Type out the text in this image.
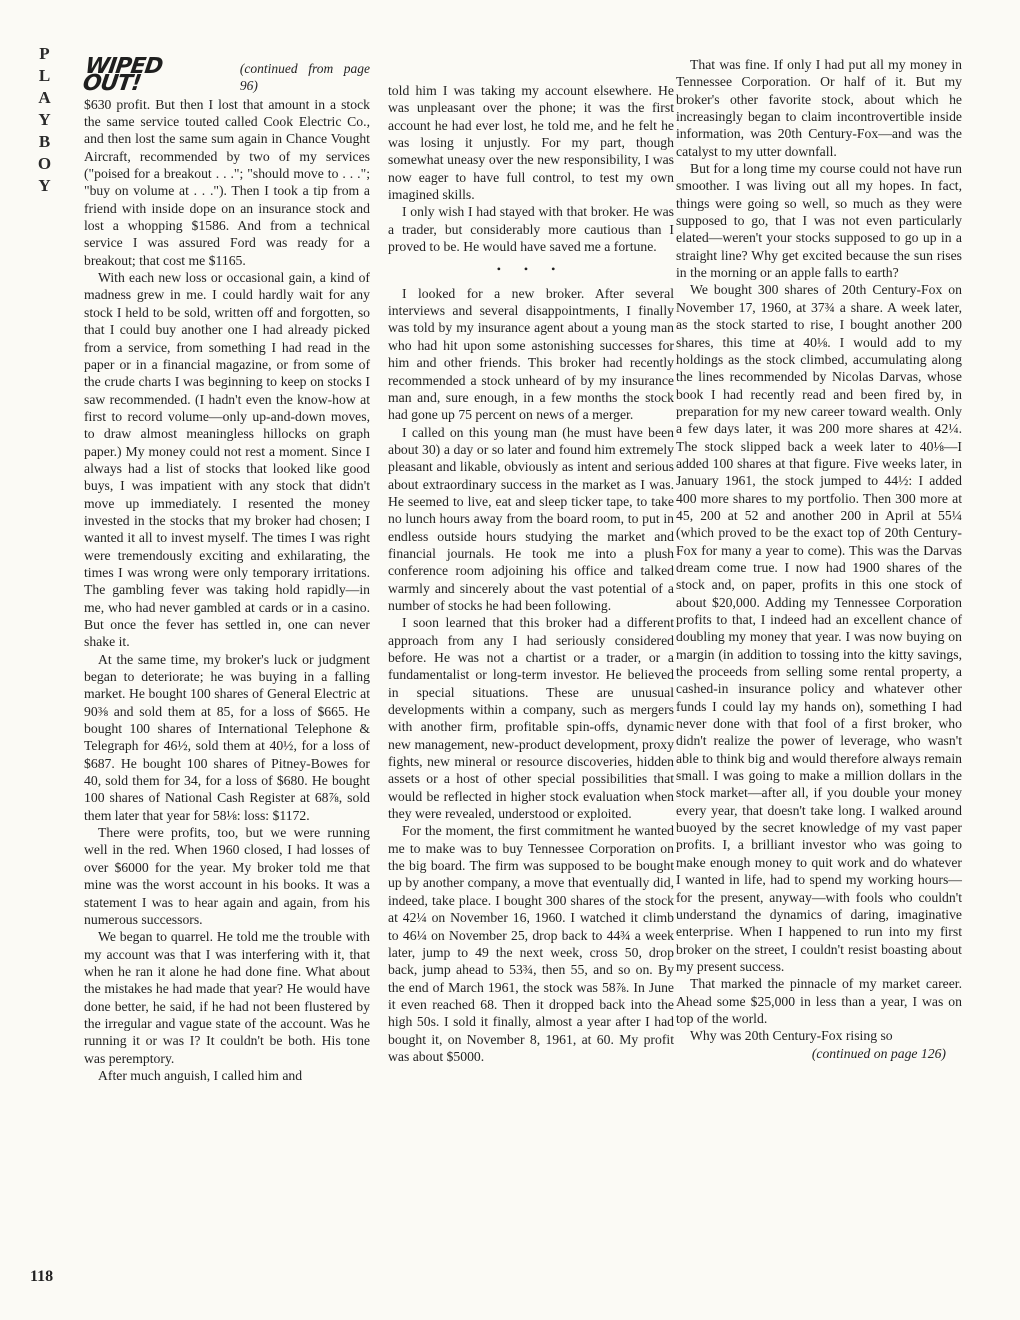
PLAYBOY WIPED OUT!
(continued from page 96)

$630 profit. But then I lost that amount in a stock the same service touted called Cook Electric Co., and then lost the same sum again in Chance Vought Aircraft, recommended by two of my services ("poised for a breakout . . ."; "should move to . . ."; "buy on volume at . . ."). Then I took a tip from a friend with inside dope on an insurance stock and lost a whopping $1586. And from a technical service I was assured Ford was ready for a breakout; that cost me $1165.

With each new loss or occasional gain, a kind of madness grew in me. I could hardly wait for any stock I held to be sold, written off and forgotten, so that I could buy another one I had already picked from a service, from something I had read in the paper or in a financial magazine, or from some of the crude charts I was beginning to keep on stocks I saw recommended. (I hadn't even the know-how at first to record volume—only up-and-down moves, to draw almost meaningless hillocks on graph paper.) My money could not rest a moment. Since I always had a list of stocks that looked like good buys, I was impatient with any stock that didn't move up immediately. I resented the money invested in the stocks that my broker had chosen; I wanted it all to invest myself. The times I was right were tremendously exciting and exhilarating, the times I was wrong were only temporary irritations. The gambling fever was taking hold rapidly—in me, who had never gambled at cards or in a casino. But once the fever has settled in, one can never shake it.

At the same time, my broker's luck or judgment began to deteriorate; he was buying in a falling market. He bought 100 shares of General Electric at 90⅜ and sold them at 85, for a loss of $665. He bought 100 shares of International Telephone & Telegraph for 46½, sold them at 40½, for a loss of $687. He bought 100 shares of Pitney-Bowes for 40, sold them for 34, for a loss of $680. He bought 100 shares of National Cash Register at 68⅞, sold them later that year for 58⅛: loss: $1172.

There were profits, too, but we were running well in the red. When 1960 closed, I had losses of over $6000 for the year. My broker told me that mine was the worst account in his books. It was a statement I was to hear again and again, from his numerous successors.

We began to quarrel. He told me the trouble with my account was that I was interfering with it, that when he ran it alone he had done fine. What about the mistakes he had made that year? He would have done better, he said, if he had not been flustered by the irregular and vague state of the account. Was he running it or was I? It couldn't be both. His tone was peremptory.

After much anguish, I called him and

told him I was taking my account elsewhere. He was unpleasant over the phone; it was the first account he had ever lost, he told me, and he felt he was losing it unjustly. For my part, though somewhat uneasy over the new responsibility, I was now eager to have full control, to test my own imagined skills.

I only wish I had stayed with that broker. He was a trader, but considerably more cautious than I proved to be. He would have saved me a fortune.

• • •

I looked for a new broker. After several interviews and several disappointments, I finally was told by my insurance agent about a young man who had hit upon some astonishing successes for him and other friends. This broker had recently recommended a stock unheard of by my insurance man and, sure enough, in a few months the stock had gone up 75 percent on news of a merger.

I called on this young man (he must have been about 30) a day or so later and found him extremely pleasant and likable, obviously as intent and serious about extraordinary success in the market as I was. He seemed to live, eat and sleep ticker tape, to take no lunch hours away from the board room, to put in endless outside hours studying the market and financial journals. He took me into a plush conference room adjoining his office and talked warmly and sincerely about the vast potential of a number of stocks he had been following.

I soon learned that this broker had a different approach from any I had seriously considered before. He was not a chartist or a trader, or a fundamentalist or long-term investor. He believed in special situations. These are unusual developments within a company, such as mergers with another firm, profitable spin-offs, dynamic new management, new-product development, proxy fights, new mineral or resource discoveries, hidden assets or a host of other special possibilities that would be reflected in higher stock evaluation when they were revealed, understood or exploited.

For the moment, the first commitment he wanted me to make was to buy Tennessee Corporation on the big board. The firm was supposed to be bought up by another company, a move that eventually did, indeed, take place. I bought 300 shares of the stock at 42¼ on November 16, 1960. I watched it climb to 46¼ on November 25, drop back to 44¾ a week later, jump to 49 the next week, cross 50, drop back, jump ahead to 53¾, then 55, and so on. By the end of March 1961, the stock was 58⅞. In June it even reached 68. Then it dropped back into the high 50s. I sold it finally, almost a year after I had bought it, on November 8, 1961, at 60. My profit was about $5000.

That was fine. If only I had put all my money in Tennessee Corporation. Or half of it. But my broker's other favorite stock, about which he increasingly began to claim incontrovertible inside information, was 20th Century-Fox—and was the catalyst to my utter downfall.

But for a long time my course could not have run smoother. I was living out all my hopes. In fact, things were going so well, so much as they were supposed to go, that I was not even particularly elated—weren't your stocks supposed to go up in a straight line? Why get excited because the sun rises in the morning or an apple falls to earth?

We bought 300 shares of 20th Century-Fox on November 17, 1960, at 37¾ a share. A week later, as the stock started to rise, I bought another 200 shares, this time at 40⅛. I would add to my holdings as the stock climbed, accumulating along the lines recommended by Nicolas Darvas, whose book I had recently read and been fired by, in preparation for my new career toward wealth. Only a few days later, it was 200 more shares at 42¼. The stock slipped back a week later to 40⅛—I added 100 shares at that figure. Five weeks later, in January 1961, the stock jumped to 44½: I added 400 more shares to my portfolio. Then 300 more at 45, 200 at 52 and another 200 in April at 55¼ (which proved to be the exact top of 20th Century-Fox for many a year to come). This was the Darvas dream come true. I now had 1900 shares of the stock and, on paper, profits in this one stock of about $20,000. Adding my Tennessee Corporation profits to that, I indeed had an excellent chance of doubling my money that year. I was now buying on margin (in addition to tossing into the kitty savings, the proceeds from selling some rental property, a cashed-in insurance policy and whatever other funds I could lay my hands on), something I had never done with that fool of a first broker, who didn't realize the power of leverage, who wasn't able to think big and would therefore always remain small. I was going to make a million dollars in the stock market—after all, if you double your money every year, that doesn't take long. I walked around buoyed by the secret knowledge of my vast paper profits. I, a brilliant investor who was going to make enough money to quit work and do whatever I wanted in life, had to spend my working hours—for the present, anyway—with fools who couldn't understand the dynamics of daring, imaginative enterprise. When I happened to run into my first broker on the street, I couldn't resist boasting about my present success.

That marked the pinnacle of my market career. Ahead some $25,000 in less than a year, I was on top of the world.

Why was 20th Century-Fox rising so

(continued on page 126)
118
